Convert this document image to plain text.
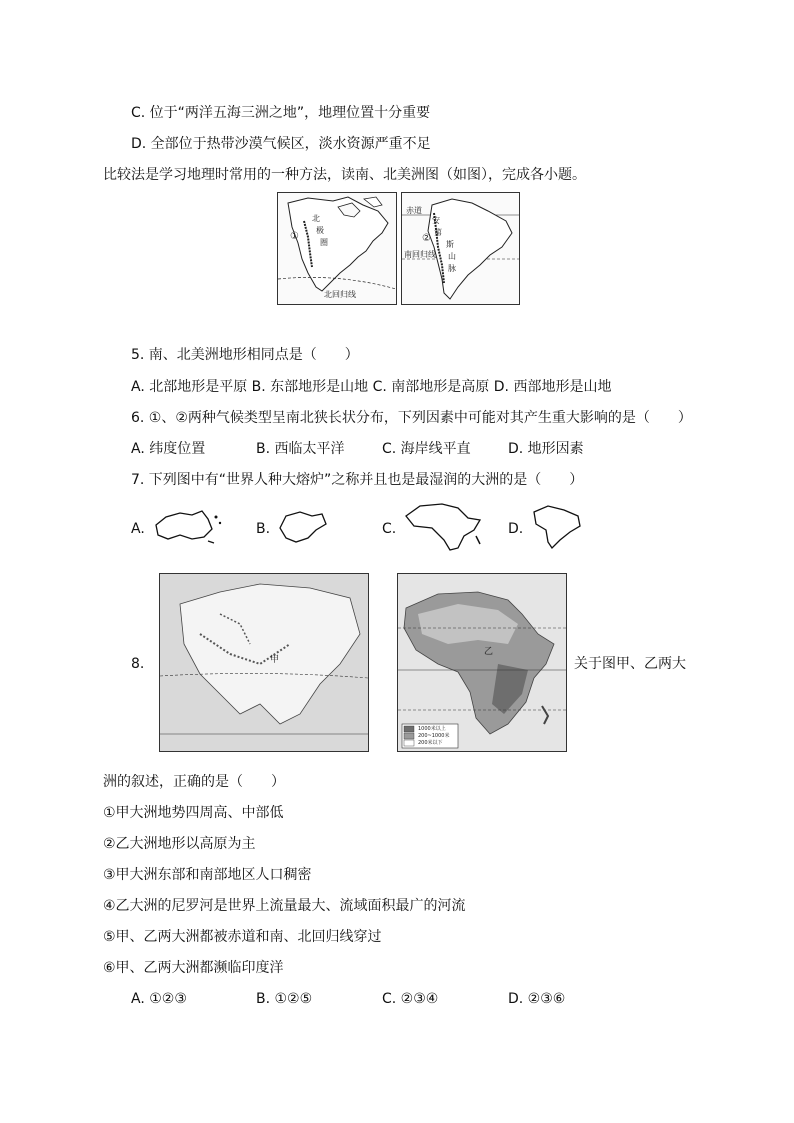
C. 位于“两洋五海三洲之地”，地理位置十分重要
D. 全部位于热带沙漠气候区，淡水资源严重不足
比较法是学习地理时常用的一种方法，读南、北美洲图（如图），完成各小题。
①
北
极
圈
北回归线
赤道
②
南回归线
安
第
斯
山
脉
5. 南、北美洲地形相同点是（　　）
A. 北部地形是平原 B. 东部地形是山地 C. 南部地形是高原 D. 西部地形是山地
6. ①、②两种气候类型呈南北狭长状分布，下列因素中可能对其产生重大影响的是（　　）
A. 纬度位置	B. 西临太平洋	C. 海岸线平直	D. 地形因素
7. 下列图中有“世界人种大熔炉”之称并且也是最湿润的大洲的是（　　）
A.	B.	C.	D.
8.	甲
乙
1000米以上
200~1000米
200米以下
关于图甲、乙两大
洲的叙述，正确的是（　　）
①甲大洲地势四周高、中部低
②乙大洲地形以高原为主
③甲大洲东部和南部地区人口稠密
④乙大洲的尼罗河是世界上流量最大、流域面积最广的河流
⑤甲、乙两大洲都被赤道和南、北回归线穿过
⑥甲、乙两大洲都濒临印度洋
A. ①②③	B. ①②⑤	C. ②③④	D. ②③⑥
